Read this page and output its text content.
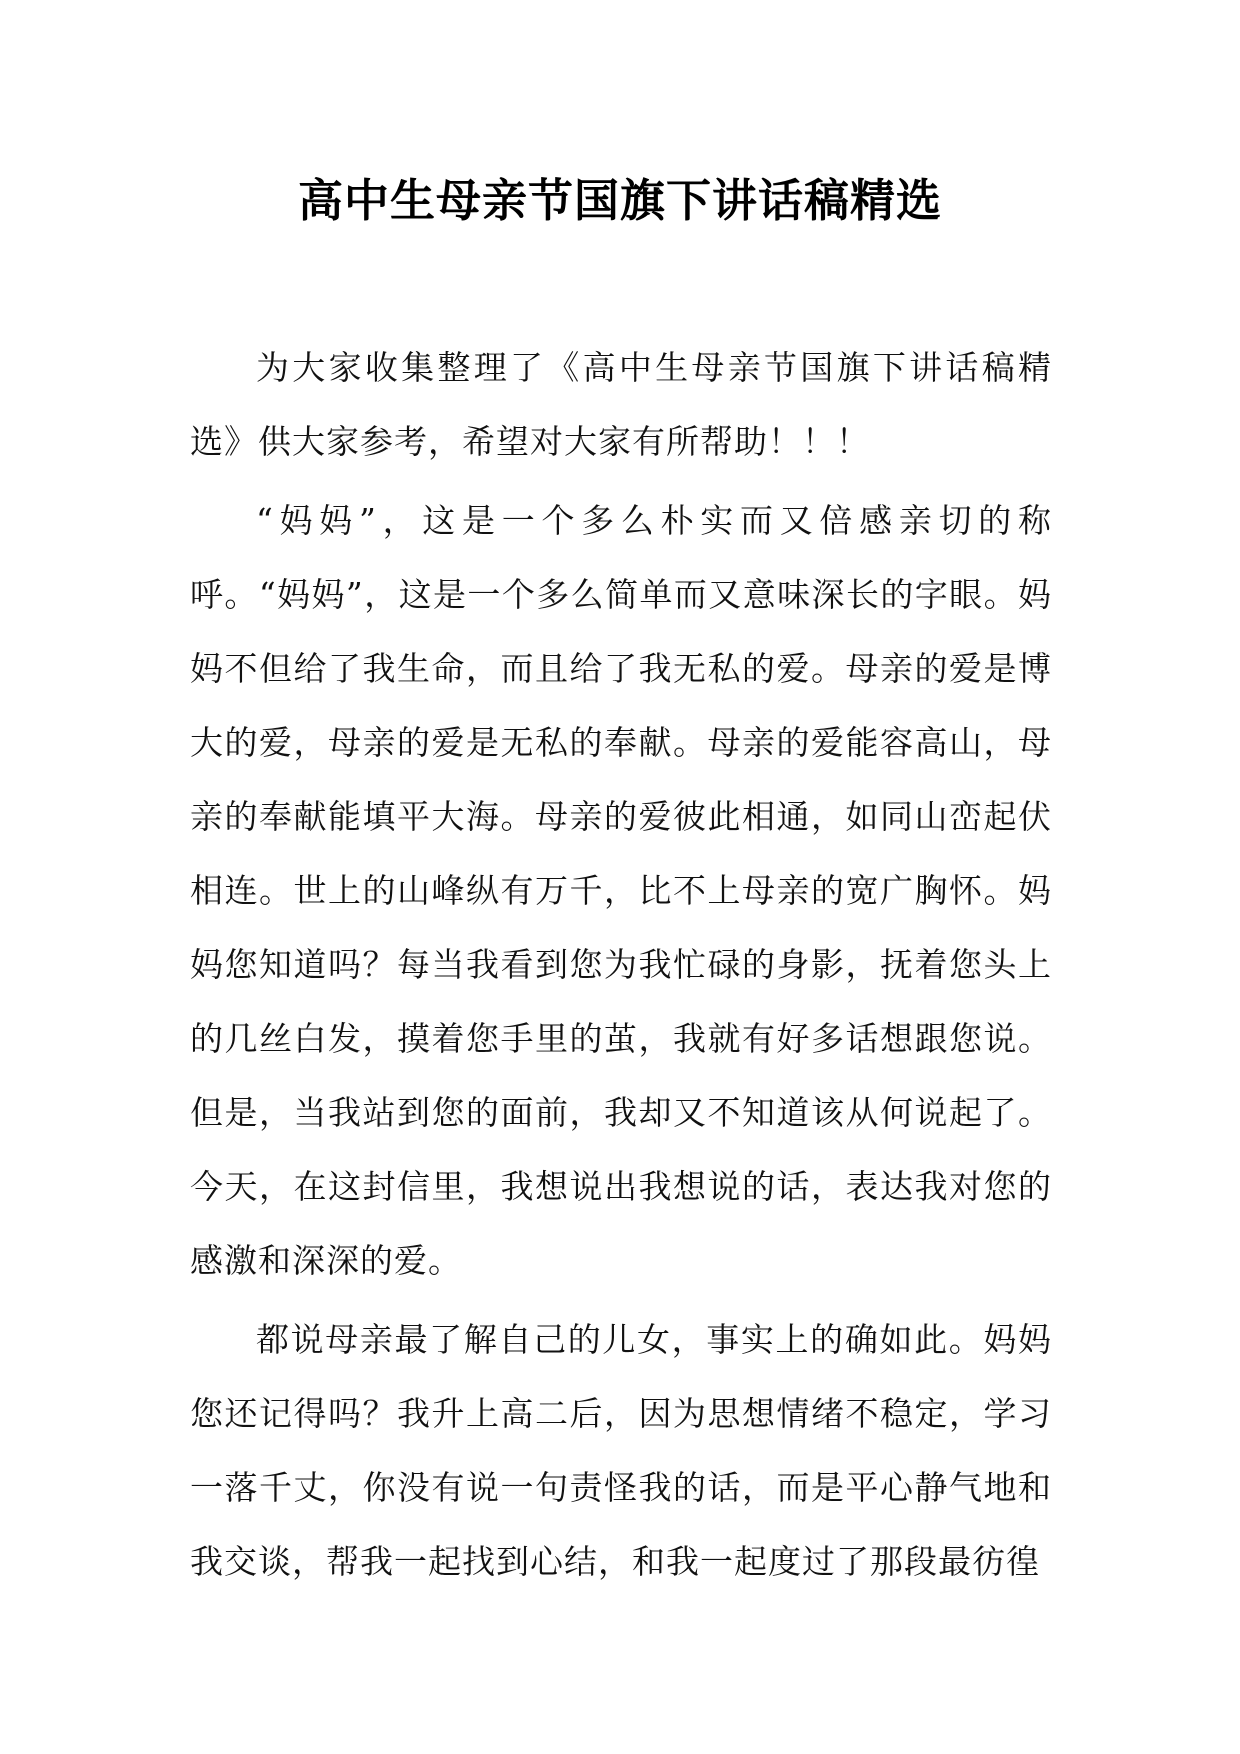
高中生母亲节国旗下讲话稿精选

为大家收集整理了《高中生母亲节国旗下讲话稿精选》供大家参考，希望对大家有所帮助！！！

“妈妈”，这是一个多么朴实而又倍感亲切的称呼。“妈妈”，这是一个多么简单而又意味深长的字眼。妈妈不但给了我生命，而且给了我无私的爱。母亲的爱是博大的爱，母亲的爱是无私的奉献。母亲的爱能容高山，母亲的奉献能填平大海。母亲的爱彼此相通，如同山峦起伏相连。世上的山峰纵有万千，比不上母亲的宽广胸怀。妈妈您知道吗？每当我看到您为我忙碌的身影，抚着您头上的几丝白发，摸着您手里的茧，我就有好多话想跟您说。但是，当我站到您的面前，我却又不知道该从何说起了。今天，在这封信里，我想说出我想说的话，表达我对您的感激和深深的爱。

都说母亲最了解自己的儿女，事实上的确如此。妈妈您还记得吗？我升上高二后，因为思想情绪不稳定，学习一落千丈，你没有说一句责怪我的话，而是平心静气地和我交谈，帮我一起找到心结，和我一起度过了那段最彷徨
